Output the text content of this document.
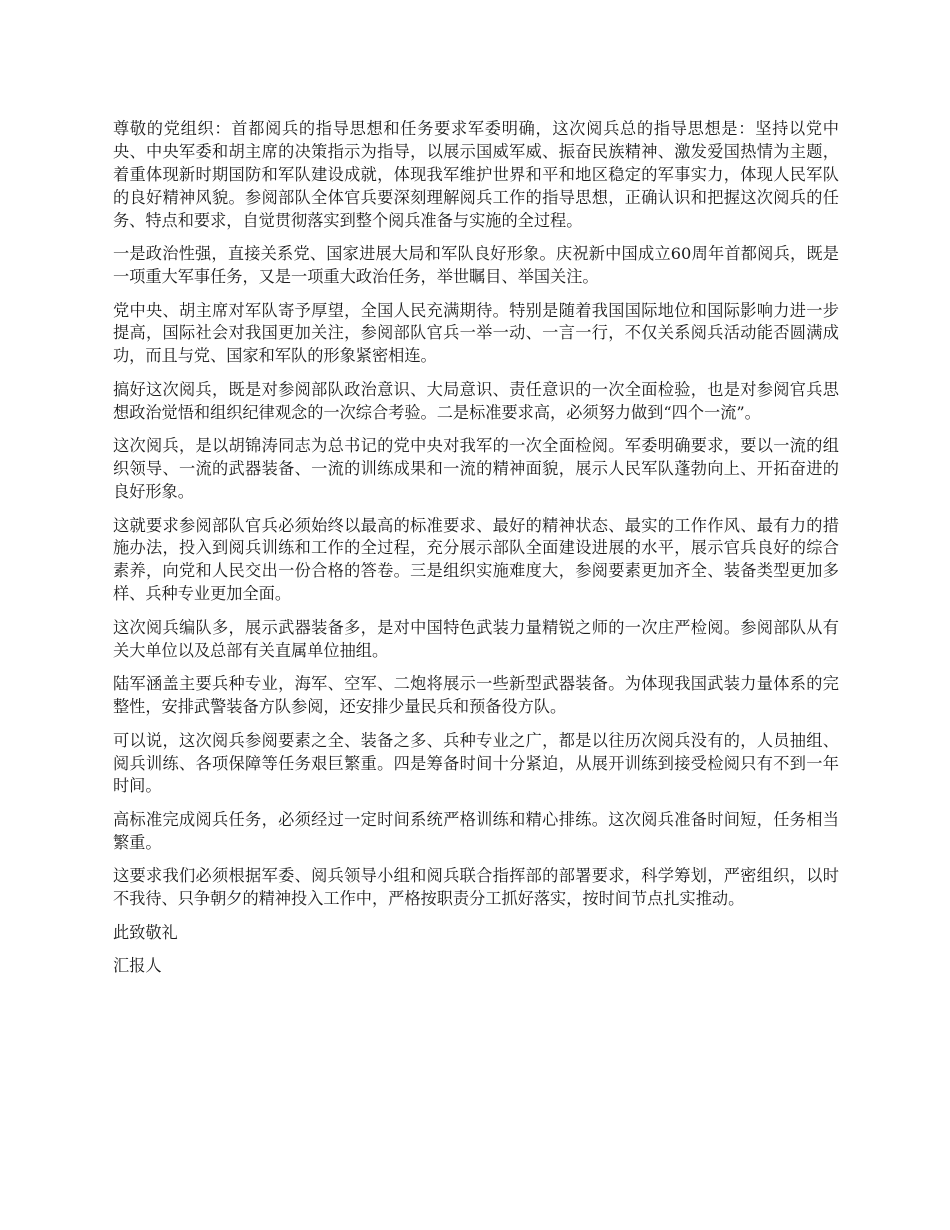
尊敬的党组织：首都阅兵的指导思想和任务要求军委明确，这次阅兵总的指导思想是：坚持以党中央、中央军委和胡主席的决策指示为指导，以展示国威军威、振奋民族精神、激发爱国热情为主题，着重体现新时期国防和军队建设成就，体现我军维护世界和平和地区稳定的军事实力，体现人民军队的良好精神风貌。参阅部队全体官兵要深刻理解阅兵工作的指导思想，正确认识和把握这次阅兵的任务、特点和要求，自觉贯彻落实到整个阅兵准备与实施的全过程。

一是政治性强，直接关系党、国家进展大局和军队良好形象。庆祝新中国成立60周年首都阅兵，既是一项重大军事任务，又是一项重大政治任务，举世瞩目、举国关注。

党中央、胡主席对军队寄予厚望，全国人民充满期待。特别是随着我国国际地位和国际影响力进一步提高，国际社会对我国更加关注，参阅部队官兵一举一动、一言一行，不仅关系阅兵活动能否圆满成功，而且与党、国家和军队的形象紧密相连。

搞好这次阅兵，既是对参阅部队政治意识、大局意识、责任意识的一次全面检验，也是对参阅官兵思想政治觉悟和组织纪律观念的一次综合考验。二是标准要求高，必须努力做到“四个一流”。

这次阅兵，是以胡锦涛同志为总书记的党中央对我军的一次全面检阅。军委明确要求，要以一流的组织领导、一流的武器装备、一流的训练成果和一流的精神面貌，展示人民军队蓬勃向上、开拓奋进的良好形象。

这就要求参阅部队官兵必须始终以最高的标准要求、最好的精神状态、最实的工作作风、最有力的措施办法，投入到阅兵训练和工作的全过程，充分展示部队全面建设进展的水平，展示官兵良好的综合素养，向党和人民交出一份合格的答卷。三是组织实施难度大，参阅要素更加齐全、装备类型更加多样、兵种专业更加全面。

这次阅兵编队多，展示武器装备多，是对中国特色武装力量精锐之师的一次庄严检阅。参阅部队从有关大单位以及总部有关直属单位抽组。

陆军涵盖主要兵种专业，海军、空军、二炮将展示一些新型武器装备。为体现我国武装力量体系的完整性，安排武警装备方队参阅，还安排少量民兵和预备役方队。

可以说，这次阅兵参阅要素之全、装备之多、兵种专业之广，都是以往历次阅兵没有的，人员抽组、阅兵训练、各项保障等任务艰巨繁重。四是筹备时间十分紧迫，从展开训练到接受检阅只有不到一年时间。

高标准完成阅兵任务，必须经过一定时间系统严格训练和精心排练。这次阅兵准备时间短，任务相当繁重。

这要求我们必须根据军委、阅兵领导小组和阅兵联合指挥部的部署要求，科学筹划，严密组织，以时不我待、只争朝夕的精神投入工作中，严格按职责分工抓好落实，按时间节点扎实推动。

此致敬礼

汇报人
